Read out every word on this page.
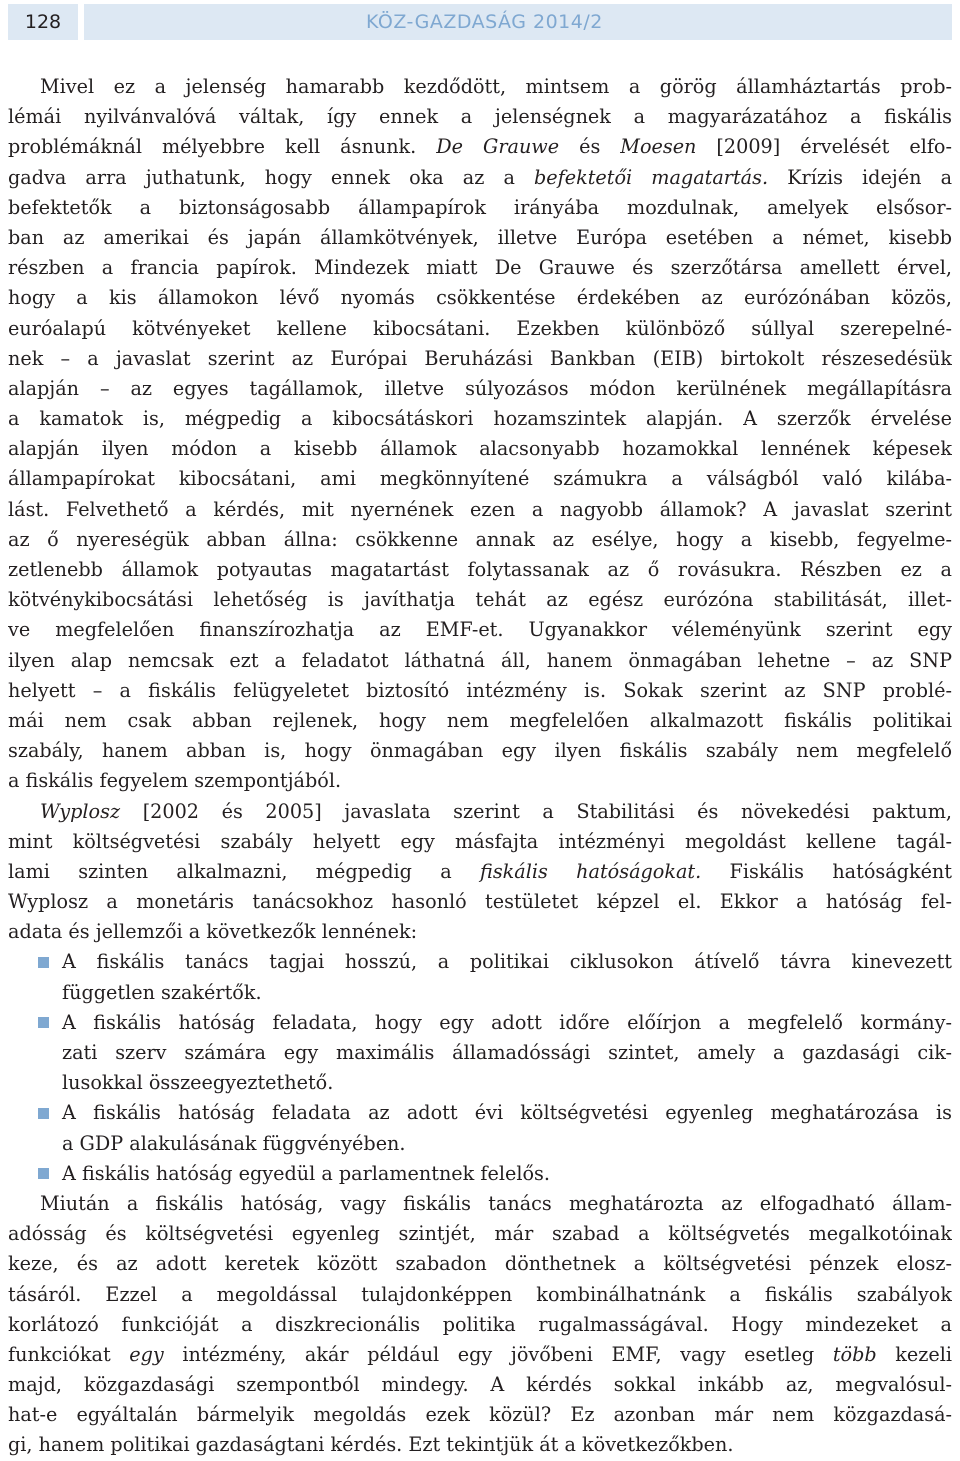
128	KÖZ-GAZDASÁG 2014/2
Mivel ez a jelenség hamarabb kezdődött, mintsem a görög államháztartás prob-
lémái nyilvánvalóvá váltak, így ennek a jelenségnek a magyarázatához a fiskális
problémáknál mélyebbre kell ásnunk. De Grauwe és Moesen [2009] érvelését elfo-
gadva arra juthatunk, hogy ennek oka az a befektetői magatartás. Krízis idején a
befektetők a biztonságosabb állampapírok irányába mozdulnak, amelyek elsősor-
ban az amerikai és japán államkötvények, illetve Európa esetében a német, kisebb
részben a francia papírok. Mindezek miatt De Grauwe és szerzőtársa amellett érvel,
hogy a kis államokon lévő nyomás csökkentése érdekében az eurózónában közös,
euróalapú kötvényeket kellene kibocsátani. Ezekben különböző súllyal szerepelné-
nek – a javaslat szerint az Európai Beruházási Bankban (EIB) birtokolt részesedésük
alapján – az egyes tagállamok, illetve súlyozásos módon kerülnének megállapításra
a kamatok is, mégpedig a kibocsátáskori hozamszintek alapján. A szerzők érvelése
alapján ilyen módon a kisebb államok alacsonyabb hozamokkal lennének képesek
állampapírokat kibocsátani, ami megkönnyítené számukra a válságból való kilába-
lást. Felvethető a kérdés, mit nyernének ezen a nagyobb államok? A javaslat szerint
az ő nyereségük abban állna: csökkenne annak az esélye, hogy a kisebb, fegyelme-
zetlenebb államok potyautas magatartást folytassanak az ő rovásukra. Részben ez a
kötvénykibocsátási lehetőség is javíthatja tehát az egész eurózóna stabilitását, illet-
ve megfelelően finanszírozhatja az EMF-et. Ugyanakkor véleményünk szerint egy
ilyen alap nemcsak ezt a feladatot láthatná áll, hanem önmagában lehetne – az SNP
helyett – a fiskális felügyeletet biztosító intézmény is. Sokak szerint az SNP problé-
mái nem csak abban rejlenek, hogy nem megfelelően alkalmazott fiskális politikai
szabály, hanem abban is, hogy önmagában egy ilyen fiskális szabály nem megfelelő
a fiskális fegyelem szempontjából.
Wyplosz [2002 és 2005] javaslata szerint a Stabilitási és növekedési paktum,
mint költségvetési szabály helyett egy másfajta intézményi megoldást kellene tagál-
lami szinten alkalmazni, mégpedig a fiskális hatóságokat. Fiskális hatóságként
Wyplosz a monetáris tanácsokhoz hasonló testületet képzel el. Ekkor a hatóság fel-
adata és jellemzői a következők lennének:
A fiskális tanács tagjai hosszú, a politikai ciklusokon átívelő távra kinevezett
független szakértők.
A fiskális hatóság feladata, hogy egy adott időre előírjon a megfelelő kormány-
zati szerv számára egy maximális államadóssági szintet, amely a gazdasági cik-
lusokkal összeegyeztethető.
A fiskális hatóság feladata az adott évi költségvetési egyenleg meghatározása is
a GDP alakulásának függvényében.
A fiskális hatóság egyedül a parlamentnek felelős.
Miután a fiskális hatóság, vagy fiskális tanács meghatározta az elfogadható állam-
adósság és költségvetési egyenleg szintjét, már szabad a költségvetés megalkotóinak
keze, és az adott keretek között szabadon dönthetnek a költségvetési pénzek elosz-
tásáról. Ezzel a megoldással tulajdonképpen kombinálhatnánk a fiskális szabályok
korlátozó funkcióját a diszkrecionális politika rugalmasságával. Hogy mindezeket a
funkciókat egy intézmény, akár például egy jövőbeni EMF, vagy esetleg több kezeli
majd, közgazdasági szempontból mindegy. A kérdés sokkal inkább az, megvalósul-
hat-e egyáltalán bármelyik megoldás ezek közül? Ez azonban már nem közgazdasá-
gi, hanem politikai gazdaságtani kérdés. Ezt tekintjük át a következőkben.
